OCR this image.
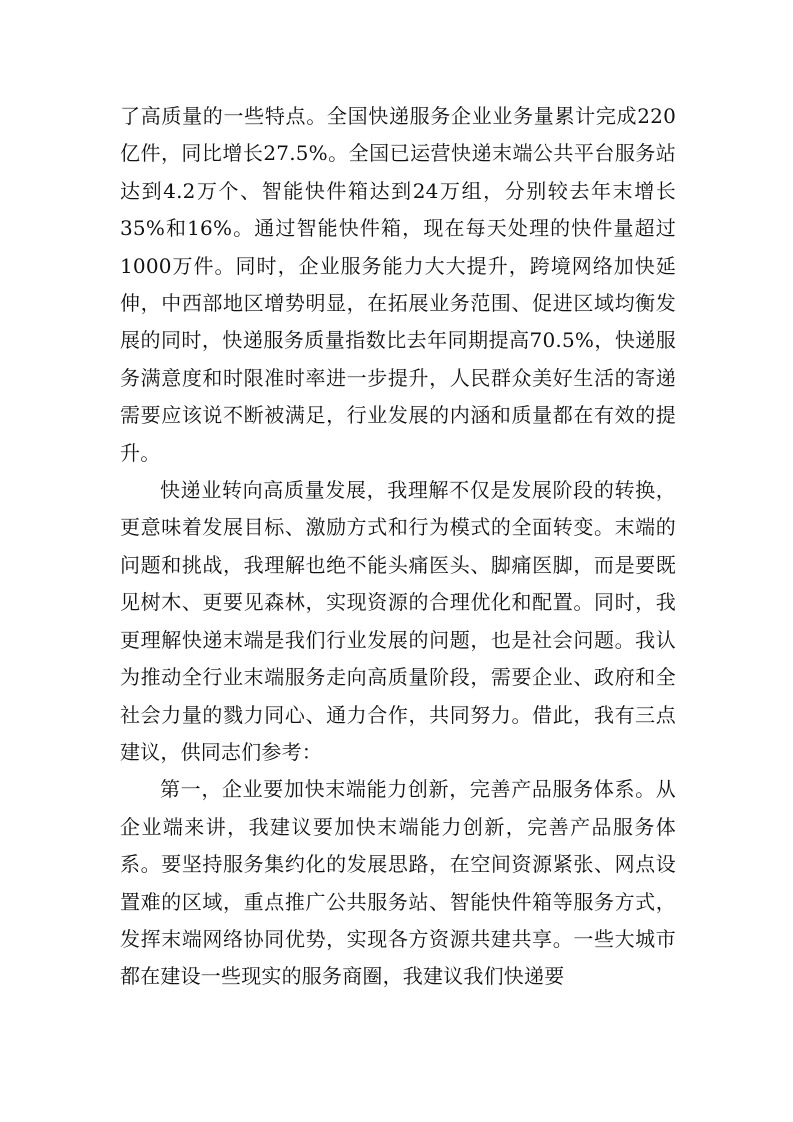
了高质量的一些特点。全国快递服务企业业务量累计完成220亿件，同比增长27.5%。全国已运营快递末端公共平台服务站达到4.2万个、智能快件箱达到24万组，分别较去年末增长35%和16%。通过智能快件箱，现在每天处理的快件量超过1000万件。同时，企业服务能力大大提升，跨境网络加快延伸，中西部地区增势明显，在拓展业务范围、促进区域均衡发展的同时，快递服务质量指数比去年同期提高70.5%，快递服务满意度和时限准时率进一步提升，人民群众美好生活的寄递需要应该说不断被满足，行业发展的内涵和质量都在有效的提升。

快递业转向高质量发展，我理解不仅是发展阶段的转换，更意味着发展目标、激励方式和行为模式的全面转变。末端的问题和挑战，我理解也绝不能头痛医头、脚痛医脚，而是要既见树木、更要见森林，实现资源的合理优化和配置。同时，我更理解快递末端是我们行业发展的问题，也是社会问题。我认为推动全行业末端服务走向高质量阶段，需要企业、政府和全社会力量的戮力同心、通力合作，共同努力。借此，我有三点建议，供同志们参考：

第一，企业要加快末端能力创新，完善产品服务体系。从企业端来讲，我建议要加快末端能力创新，完善产品服务体系。要坚持服务集约化的发展思路，在空间资源紧张、网点设置难的区域，重点推广公共服务站、智能快件箱等服务方式，发挥末端网络协同优势，实现各方资源共建共享。一些大城市都在建设一些现实的服务商圈，我建议我们快递要
